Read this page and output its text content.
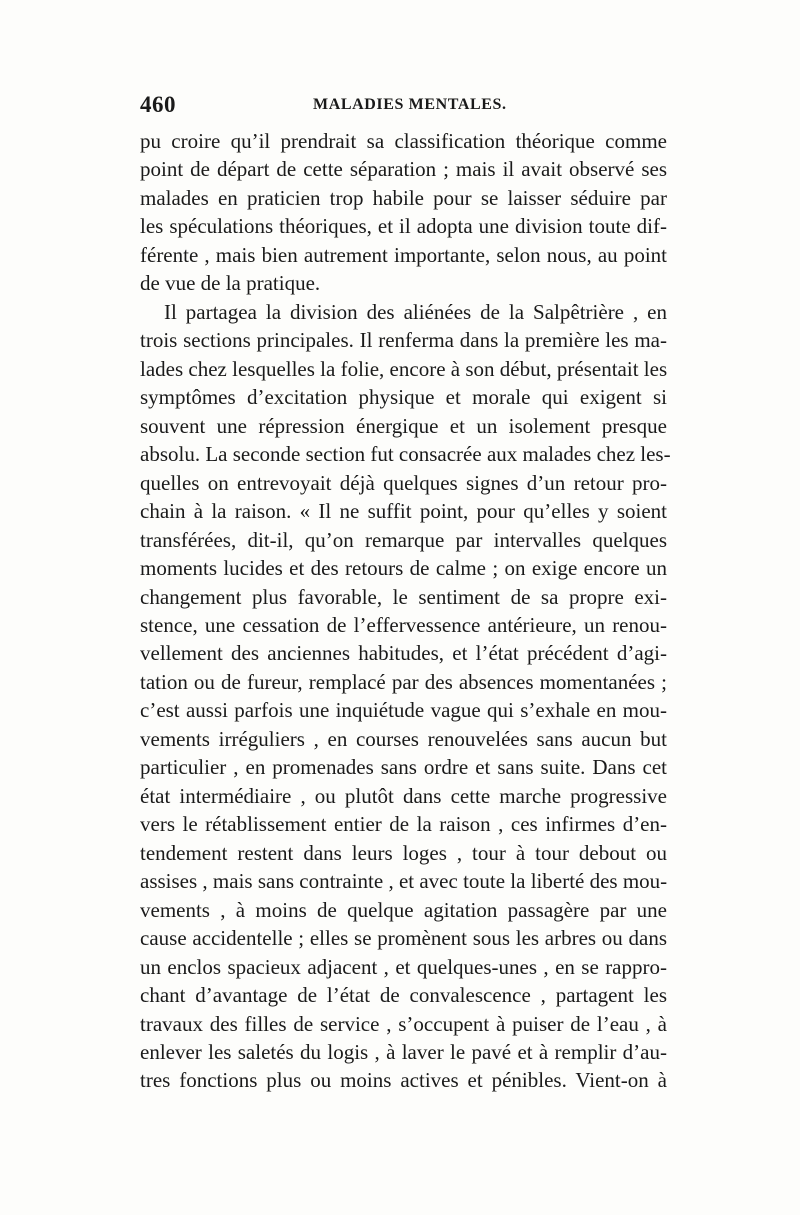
460	MALADIES MENTALES.
pu croire qu’il prendrait sa classification théorique comme
point de départ de cette séparation ; mais il avait observé ses
malades en praticien trop habile pour se laisser séduire par
les spéculations théoriques, et il adopta une division toute dif-
férente , mais bien autrement importante, selon nous, au point
de vue de la pratique.
Il partagea la division des aliénées de la Salpêtrière , en
trois sections principales. Il renferma dans la première les ma-
lades chez lesquelles la folie, encore à son début, présentait les
symptômes d’excitation physique et morale qui exigent si
souvent une répression énergique et un isolement presque
absolu. La seconde section fut consacrée aux malades chez les-
quelles on entrevoyait déjà quelques signes d’un retour pro-
chain à la raison. « Il ne suffit point, pour qu’elles y soient
transférées, dit-il, qu’on remarque par intervalles quelques
moments lucides et des retours de calme ; on exige encore un
changement plus favorable, le sentiment de sa propre exi-
stence, une cessation de l’effervessence antérieure, un renou-
vellement des anciennes habitudes, et l’état précédent d’agi-
tation ou de fureur, remplacé par des absences momentanées ;
c’est aussi parfois une inquiétude vague qui s’exhale en mou-
vements irréguliers , en courses renouvelées sans aucun but
particulier , en promenades sans ordre et sans suite. Dans cet
état intermédiaire , ou plutôt dans cette marche progressive
vers le rétablissement entier de la raison , ces infirmes d’en-
tendement restent dans leurs loges , tour à tour debout ou
assises , mais sans contrainte , et avec toute la liberté des mou-
vements , à moins de quelque agitation passagère par une
cause accidentelle ; elles se promènent sous les arbres ou dans
un enclos spacieux adjacent , et quelques-unes , en se rappro-
chant d’avantage de l’état de convalescence , partagent les
travaux des filles de service , s’occupent à puiser de l’eau , à
enlever les saletés du logis , à laver le pavé et à remplir d’au-
tres fonctions plus ou moins actives et pénibles. Vient-on à
